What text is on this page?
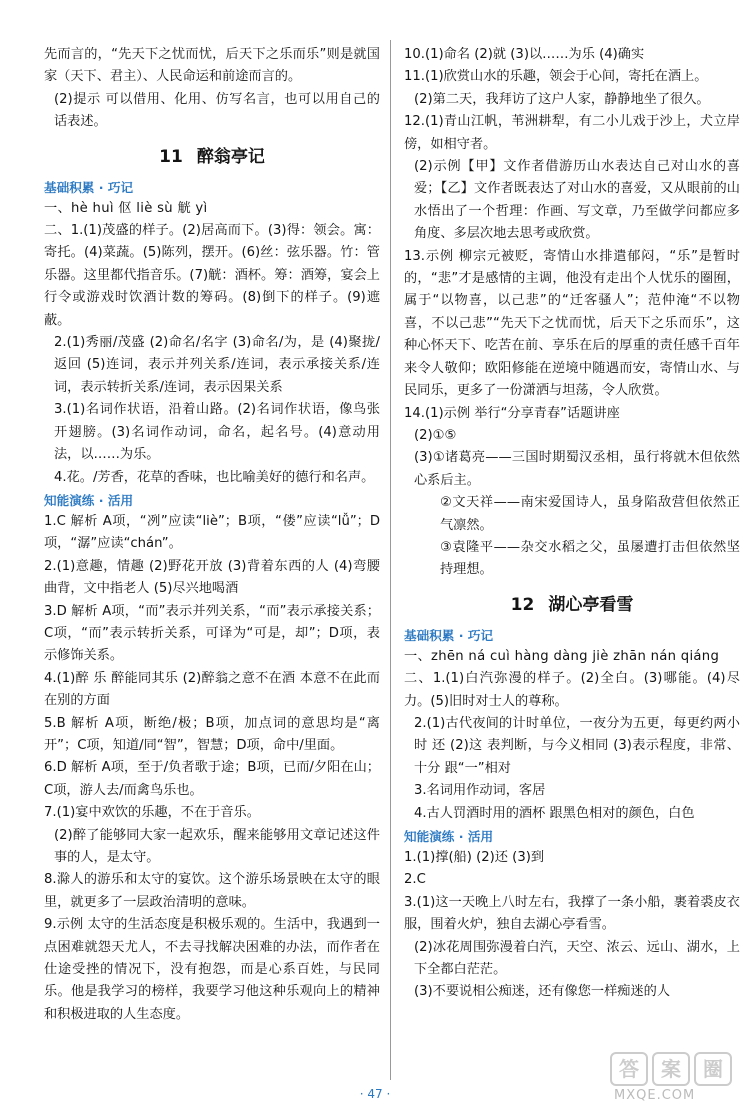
先而言的，“先天下之忧而忧，后天下之乐而乐”则是就国家（天下、君主）、人民命运和前途而言的。
(2)提示 可以借用、化用、仿写名言，也可以用自己的话表述。
11 醉翁亭记
基础积累 · 巧记
一、hè huì 伛 liè sù 觥 yì
二、1.(1)茂盛的样子。(2)居高而下。(3)得：领会。寓：寄托。(4)菜蔬。(5)陈列，摆开。(6)丝：弦乐器。竹：管乐器。这里都代指音乐。(7)觥：酒杯。筹：酒筹，宴会上行令或游戏时饮酒计数的筹码。(8)倒下的样子。(9)遮蔽。
2.(1)秀丽/茂盛 (2)命名/名字 (3)命名/为，是 (4)聚拢/返回 (5)连词，表示并列关系/连词，表示承接关系/连词，表示转折关系/连词，表示因果关系
3.(1)名词作状语，沿着山路。(2)名词作状语，像鸟张开翅膀。(3)名词作动词，命名，起名号。(4)意动用法，以……为乐。
4.花。/芳香，花草的香味，也比喻美好的德行和名声。
知能演练 · 活用
1.C 解析 A项，“冽”应读“liè”；B项，“偻”应读“lǚ”；D项，“潺”应读“chán”。
2.(1)意趣，情趣 (2)野花开放 (3)背着东西的人 (4)弯腰曲背，文中指老人 (5)尽兴地喝酒
3.D 解析 A项，“而”表示并列关系，“而”表示承接关系；C项，“而”表示转折关系，可译为“可是，却”；D项，表示修饰关系。
4.(1)醉 乐 醉能同其乐 (2)醉翁之意不在酒 本意不在此而在别的方面
5.B 解析 A项，断绝/极；B项，加点词的意思均是“离开”；C项，知道/同“智”，智慧；D项，命中/里面。
6.D 解析 A项，至于/负者歌于途；B项，已而/夕阳在山；C项，游人去/而禽鸟乐也。
7.(1)宴中欢饮的乐趣，不在于音乐。
(2)醉了能够同大家一起欢乐，醒来能够用文章记述这件事的人，是太守。
8.滁人的游乐和太守的宴饮。这个游乐场景映在太守的眼里，就更多了一层政治清明的意味。
9.示例 太守的生活态度是积极乐观的。生活中，我遇到一点困难就怨天尤人，不去寻找解决困难的办法，而作者在仕途受挫的情况下，没有抱怨，而是心系百姓，与民同乐。他是我学习的榜样，我要学习他这种乐观向上的精神和积极进取的人生态度。
10.(1)命名 (2)就 (3)以……为乐 (4)确实
11.(1)欣赏山水的乐趣，领会于心间，寄托在酒上。
(2)第二天，我拜访了这户人家，静静地坐了很久。
12.(1)青山江帆，苇洲耕犁，有二小儿戏于沙上，犬立岸傍，如相守者。
(2)示例【甲】文作者借游历山水表达自己对山水的喜爱；【乙】文作者既表达了对山水的喜爱，又从眼前的山水悟出了一个哲理：作画、写文章，乃至做学问都应多角度、多层次地去思考或欣赏。
13.示例 柳宗元被贬，寄情山水排遣郁闷，“乐”是暂时的，“悲”才是感情的主调，他没有走出个人忧乐的圈囿，属于“以物喜，以己悲”的“迁客骚人”；范仲淹“不以物喜，不以己悲”“先天下之忧而忧，后天下之乐而乐”，这种心怀天下、吃苦在前、享乐在后的厚重的责任感千百年来令人敬仰；欧阳修能在逆境中随遇而安，寄情山水、与民同乐，更多了一份潇洒与坦荡，令人欣赏。
14.(1)示例 举行“分享青春”话题讲座
(2)①⑤
(3)①诸葛亮——三国时期蜀汉丞相，虽行将就木但依然心系后主。
②文天祥——南宋爱国诗人，虽身陷敌营但依然正气凛然。
③袁隆平——杂交水稻之父，虽屡遭打击但依然坚持理想。
12 湖心亭看雪
基础积累 · 巧记
一、zhēn ná cuì hàng dàng jiè zhān nán qiáng
二、1.(1)白汽弥漫的样子。(2)全白。(3)哪能。(4)尽力。(5)旧时对士人的尊称。
2.(1)古代夜间的计时单位，一夜分为五更，每更约两小时 还 (2)这 表判断，与今义相同 (3)表示程度，非常、十分 跟“一”相对
3.名词用作动词，客居
4.古人罚酒时用的酒杯 跟黑色相对的颜色，白色
知能演练 · 活用
1.(1)撑(船) (2)还 (3)到
2.C
3.(1)这一天晚上八时左右，我撑了一条小船，裹着裘皮衣服，围着火炉，独自去湖心亭看雪。
(2)冰花周围弥漫着白汽，天空、浓云、远山、湖水，上下全都白茫茫。
(3)不要说相公痴迷，还有像您一样痴迷的人
· 47 ·
答	案	圈
MXQE.COM
